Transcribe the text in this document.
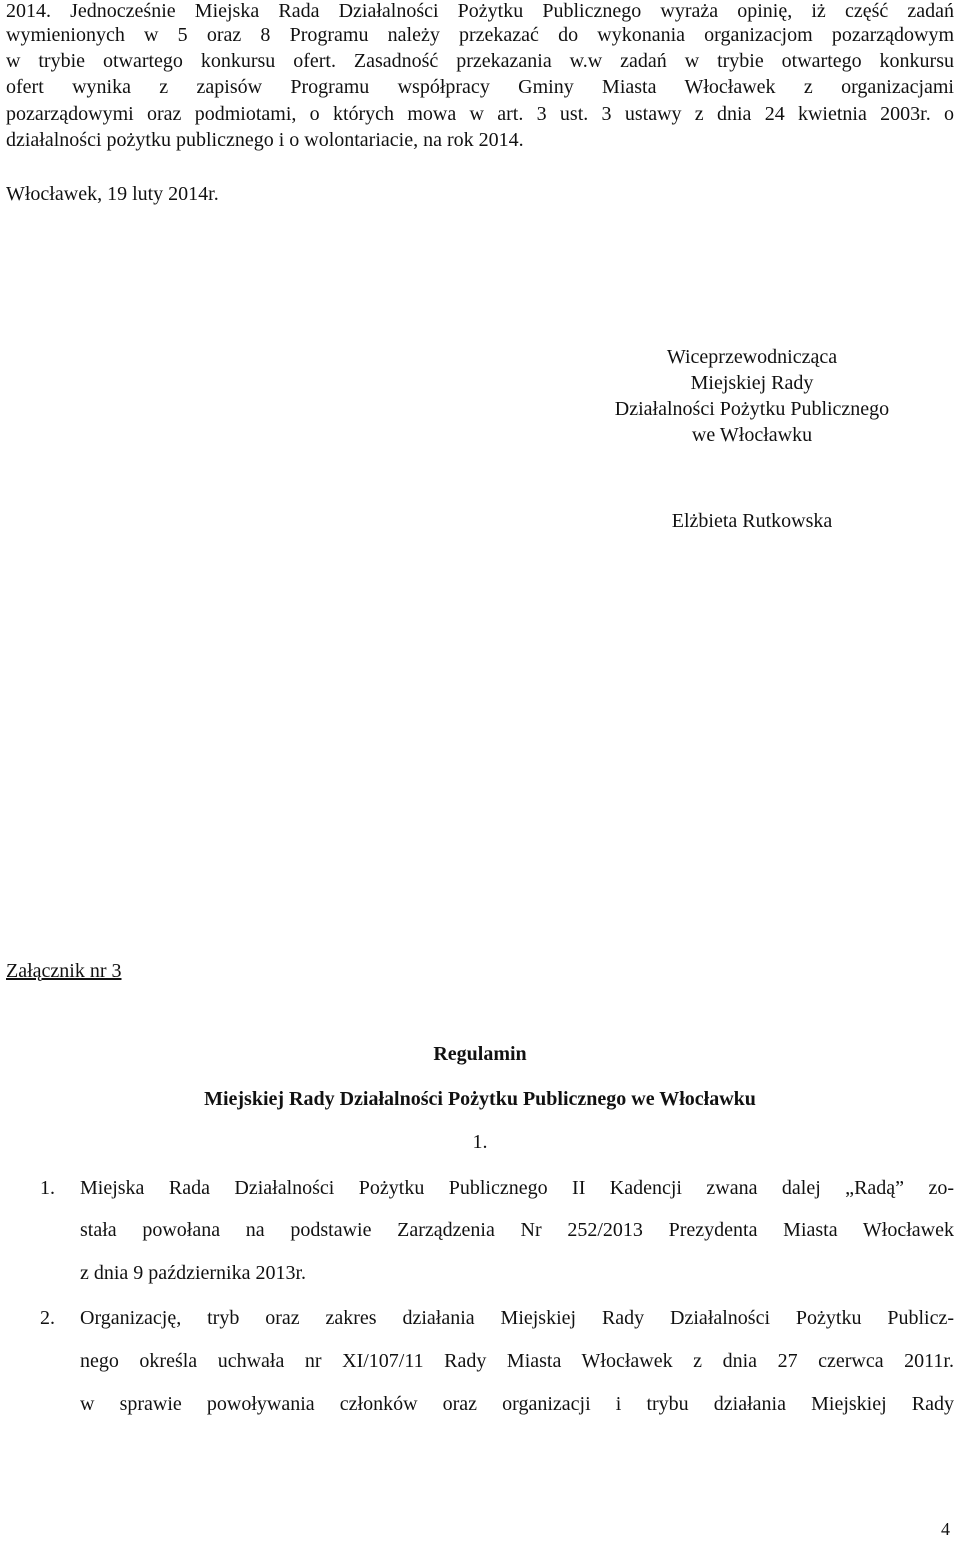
2014. Jednocześnie Miejska Rada Działalności Pożytku Publicznego wyraża opinię, iż część zadań
wymienionych w 5 oraz 8 Programu należy przekazać do wykonania organizacjom pozarządowym
w trybie otwartego konkursu ofert. Zasadność przekazania w.w zadań w trybie otwartego konkursu
ofert wynika z zapisów Programu współpracy Gminy Miasta Włocławek z organizacjami
pozarządowymi oraz podmiotami, o których mowa w art. 3 ust. 3 ustawy z dnia 24 kwietnia 2003r. o
działalności pożytku publicznego i o wolontariacie, na rok 2014.
Włocławek, 19 luty 2014r.
Wiceprzewodnicząca
Miejskiej Rady
Działalności Pożytku Publicznego
we Włocławku
Elżbieta Rutkowska
Załącznik nr 3
Regulamin
Miejskiej Rady Działalności Pożytku Publicznego we Włocławku
1.
1. Miejska Rada Działalności Pożytku Publicznego II Kadencji zwana dalej „Radą” zo-
stała powołana na podstawie Zarządzenia Nr 252/2013 Prezydenta Miasta Włocławek
z dnia 9 października 2013r.
2. Organizację, tryb oraz zakres działania Miejskiej Rady Działalności Pożytku Publicz-
nego określa uchwała nr XI/107/11 Rady Miasta Włocławek z dnia 27 czerwca 2011r.
w sprawie powoływania członków oraz organizacji i trybu działania Miejskiej Rady
4
